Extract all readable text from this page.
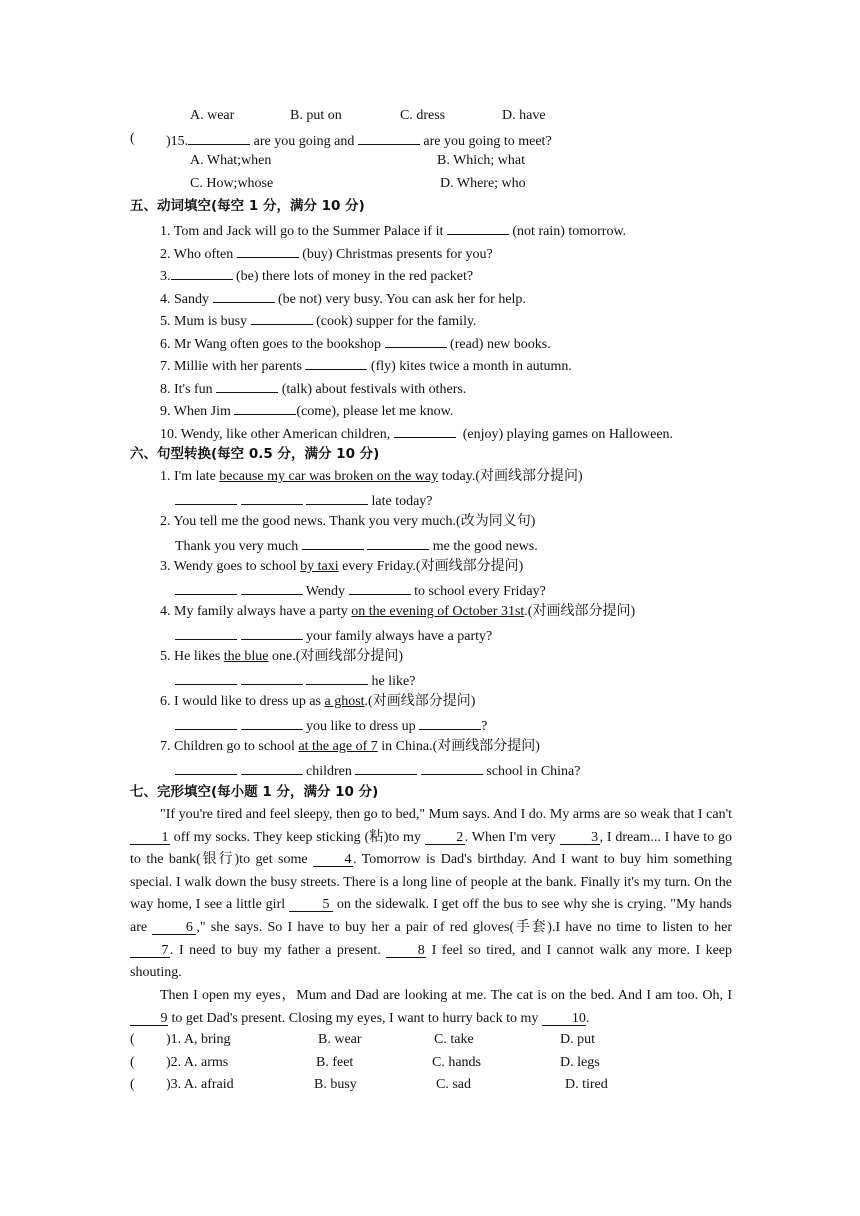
A. wear	B. put on	C. dress	D. have
( )15.	are you going and	are you going to meet?
A. What;when	B. Which; what
C. How;whose	D. Where; who
五、动词填空(每空 1 分，满分 10 分)
1. Tom and Jack will go to the Summer Palace if it	(not rain) tomorrow.
2. Who often	(buy) Christmas presents for you?
3.	(be) there lots of money in the red packet?
4. Sandy	(be not) very busy. You can ask her for help.
5. Mum is busy	(cook) supper for the family.
6. Mr Wang often goes to the bookshop	(read) new books.
7. Millie with her parents	(fly) kites twice a month in autumn.
8. It's fun	(talk) about festivals with others.
9. When Jim	(come), please let me know.
10. Wendy, like other American children,	(enjoy) playing games on Halloween.
六、句型转换(每空 0.5 分，满分 10 分)
1. I'm late because my car was broken on the way today.(对画线部分提问)
late today?
2. You tell me the good news. Thank you very much.(改为同义句)
Thank you very much	me the good news.
3. Wendy goes to school by taxi every Friday.(对画线部分提问)
Wendy	to school every Friday?
4. My family always have a party on the evening of October 31st.(对画线部分提问)
your family always have a party?
5. He likes the blue one.(对画线部分提问)
he like?
6. I would like to dress up as a ghost.(对画线部分提问)
you like to dress up	?
7. Children go to school at the age of 7 in China.(对画线部分提问)
children	school in China?
七、完形填空(每小题 1 分，满分 10 分)
"If you're tired and feel sleepy, then go to bed," Mum says. And I do. My arms are so weak that I can't 1 off my socks. They keep sticking (粘)to my 2 . When I'm very 3 , I dream... I have to go to the bank(银行)to get some 4 . Tomorrow is Dad's birthday. And I want to buy him something special. I walk down the busy streets. There is a long line of people at the bank. Finally it's my turn. On the way home, I see a little girl 5 on the sidewalk. I get off the bus to see why she is crying. "My hands are 6 ," she says. So I have to buy her a pair of red gloves(手套).I have no time to listen to her 7 . I need to buy my father a present. 8 I feel so tired, and I cannot walk any more. I keep shouting.
Then I open my eyes，Mum and Dad are looking at me. The cat is on the bed. And I am too. Oh, I 9 to get Dad's present. Closing my eyes, I want to hurry back to my 10.
( )1. A, bring	B. wear	C. take	D. put
( )2. A. arms	B. feet	C. hands	D. legs
( )3. A. afraid	B. busy	C. sad	D. tired
